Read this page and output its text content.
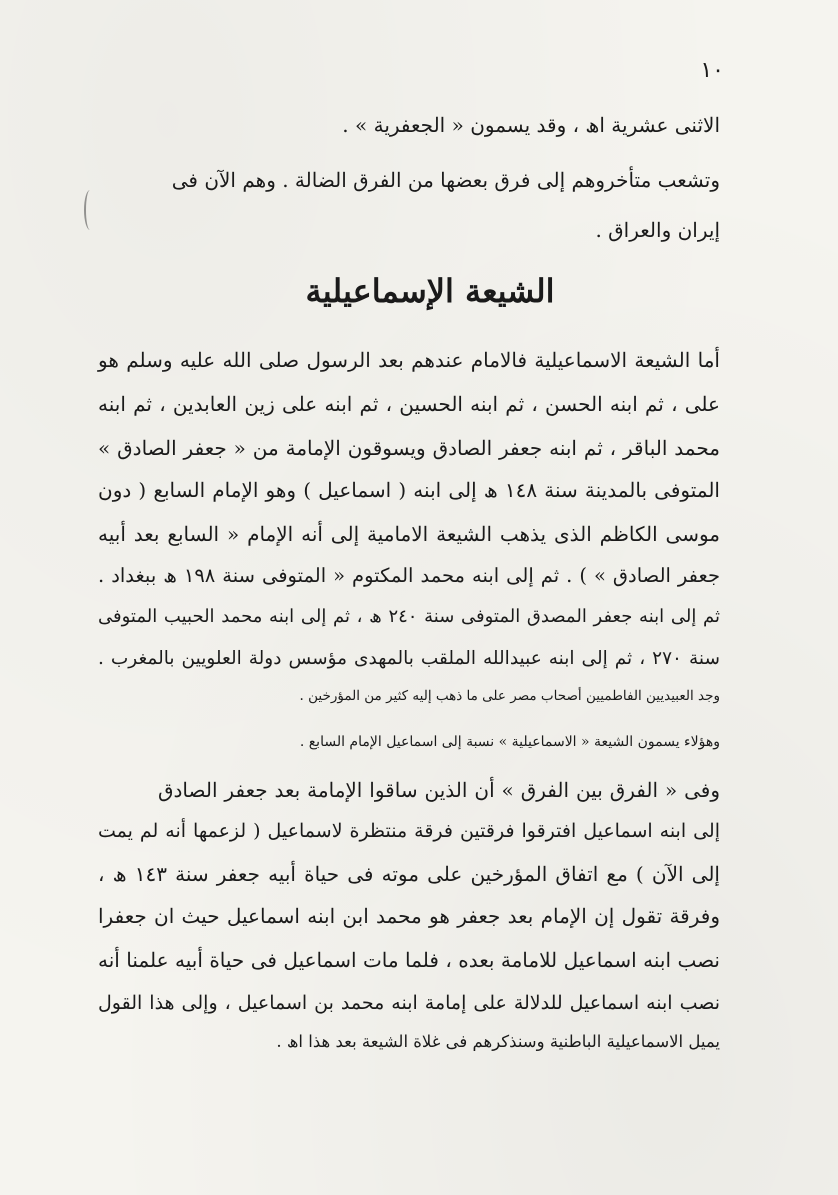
١٠
الاثنى عشرية اھ ، وقد يسمون « الجعفرية » .
وتشعب متأخروهم إلى فرق بعضها من الفرق الضالة . وهم الآن فى
إيران والعراق .
الشيعة الإسماعيلية
أما الشيعة الاسماعيلية فالامام عندهم بعد الرسول صلى الله عليه وسلم هو
على ، ثم ابنه الحسن ، ثم ابنه الحسين ، ثم ابنه على زين العابدين ، ثم ابنه
محمد الباقر ، ثم ابنه جعفر الصادق ويسوقون الإمامة من « جعفر الصادق »
المتوفى بالمدينة سنة ١٤٨ ھ إلى ابنه ( اسماعيل ) وهو الإمام السابع ( دون
موسى الكاظم الذى يذهب الشيعة الامامية إلى أنه الإمام « السابع بعد أبيه
جعفر الصادق » ) . ثم إلى ابنه محمد المكتوم « المتوفى سنة ١٩٨ ھ ببغداد .
ثم إلى ابنه جعفر المصدق المتوفى سنة ٢٤٠ ھ ، ثم إلى ابنه محمد الحبيب المتوفى
سنة ٢٧٠ ، ثم إلى ابنه عبيدالله الملقب بالمهدى مؤسس دولة العلويين بالمغرب .
وجد العبيديين الفاطميين أصحاب مصر على ما ذهب إليه كثير من المؤرخين .
وهؤلاء يسمون الشيعة « الاسماعيلية » نسبة إلى اسماعيل الإمام السابع .
وفى « الفرق بين الفرق » أن الذين ساقوا الإمامة بعد جعفر الصادق
إلى ابنه اسماعيل افترقوا فرقتين فرقة منتظرة لاسماعيل ( لزعمها أنه لم يمت
إلى الآن ) مع اتفاق المؤرخين على موته فى حياة أبيه جعفر سنة ١٤٣ ھ ،
وفرقة تقول إن الإمام بعد جعفر هو محمد ابن ابنه اسماعيل حيث ان جعفرا
نصب ابنه اسماعيل للامامة بعده ، فلما مات اسماعيل فى حياة أبيه علمنا أنه
نصب ابنه اسماعيل للدلالة على إمامة ابنه محمد بن اسماعيل ، وإلى هذا القول
يميل الاسماعيلية الباطنية وسنذكرهم فى غلاة الشيعة بعد هذا اھ .
